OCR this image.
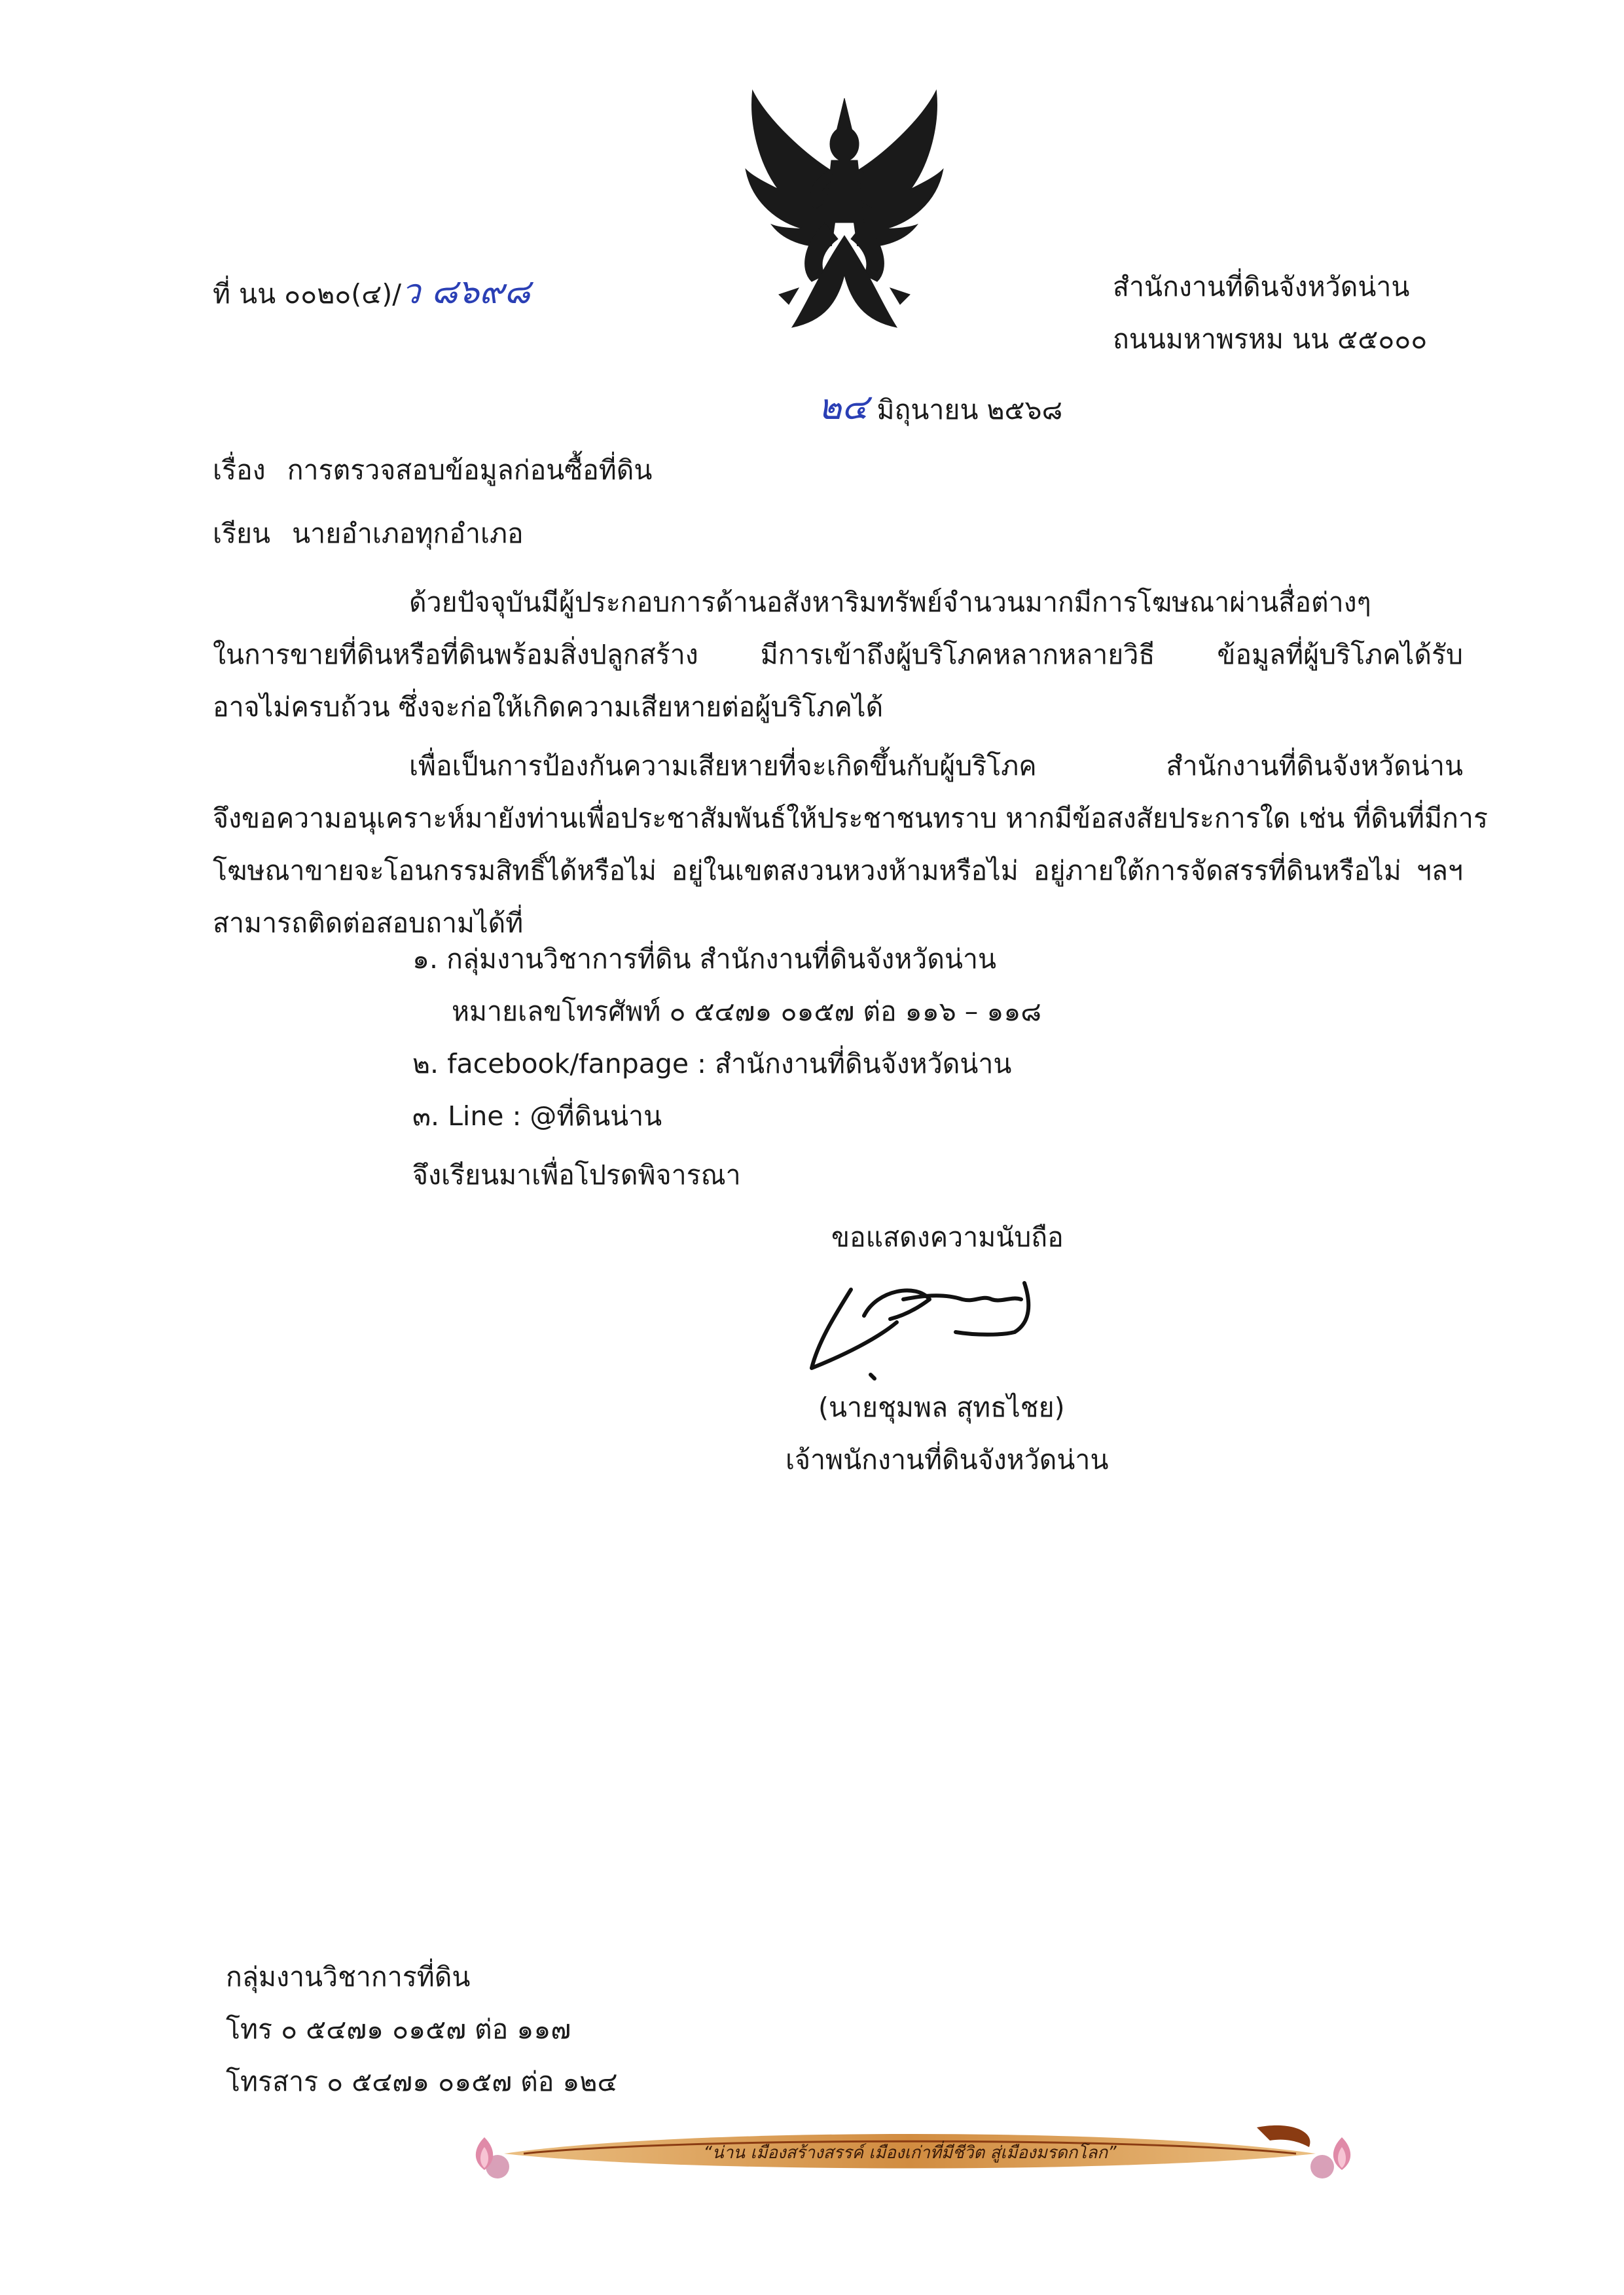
ที่ นน ๐๐๒๐(๔)/ว ๘๖๙๘	สำนักงานที่ดินจังหวัดน่าน
ถนนมหาพรหม นน ๕๕๐๐๐
๒๔ มิถุนายน ๒๕๖๘
เรื่อง การตรวจสอบข้อมูลก่อนซื้อที่ดิน
เรียน นายอำเภอทุกอำเภอ
ด้วยปัจจุบันมีผู้ประกอบการด้านอสังหาริมทรัพย์จำนวนมากมีการโฆษณาผ่านสื่อต่างๆ
ในการขายที่ดินหรือที่ดินพร้อมสิ่งปลูกสร้าง มีการเข้าถึงผู้บริโภคหลากหลายวิธี ข้อมูลที่ผู้บริโภคได้รับ
อาจไม่ครบถ้วน ซึ่งจะก่อให้เกิดความเสียหายต่อผู้บริโภคได้
เพื่อเป็นการป้องกันความเสียหายที่จะเกิดขึ้นกับผู้บริโภค สำนักงานที่ดินจังหวัดน่าน
จึงขอความอนุเคราะห์มายังท่านเพื่อประชาสัมพันธ์ให้ประชาชนทราบ หากมีข้อสงสัยประการใด เช่น ที่ดินที่มีการ
โฆษณาขายจะโอนกรรมสิทธิ์ได้หรือไม่ อยู่ในเขตสงวนหวงห้ามหรือไม่ อยู่ภายใต้การจัดสรรที่ดินหรือไม่ ฯลฯ
สามารถติดต่อสอบถามได้ที่
๑. กลุ่มงานวิชาการที่ดิน สำนักงานที่ดินจังหวัดน่าน
หมายเลขโทรศัพท์ ๐ ๕๔๗๑ ๐๑๕๗ ต่อ ๑๑๖ – ๑๑๘
๒. facebook/fanpage : สำนักงานที่ดินจังหวัดน่าน
๓. Line : @ที่ดินน่าน
จึงเรียนมาเพื่อโปรดพิจารณา
ขอแสดงความนับถือ
(นายชุมพล สุทธไชย)
เจ้าพนักงานที่ดินจังหวัดน่าน
กลุ่มงานวิชาการที่ดิน
โทร ๐ ๕๔๗๑ ๐๑๕๗ ต่อ ๑๑๗
โทรสาร ๐ ๕๔๗๑ ๐๑๕๗ ต่อ ๑๒๔
“น่าน เมืองสร้างสรรค์ เมืองเก่าที่มีชีวิต สู่เมืองมรดกโลก”
